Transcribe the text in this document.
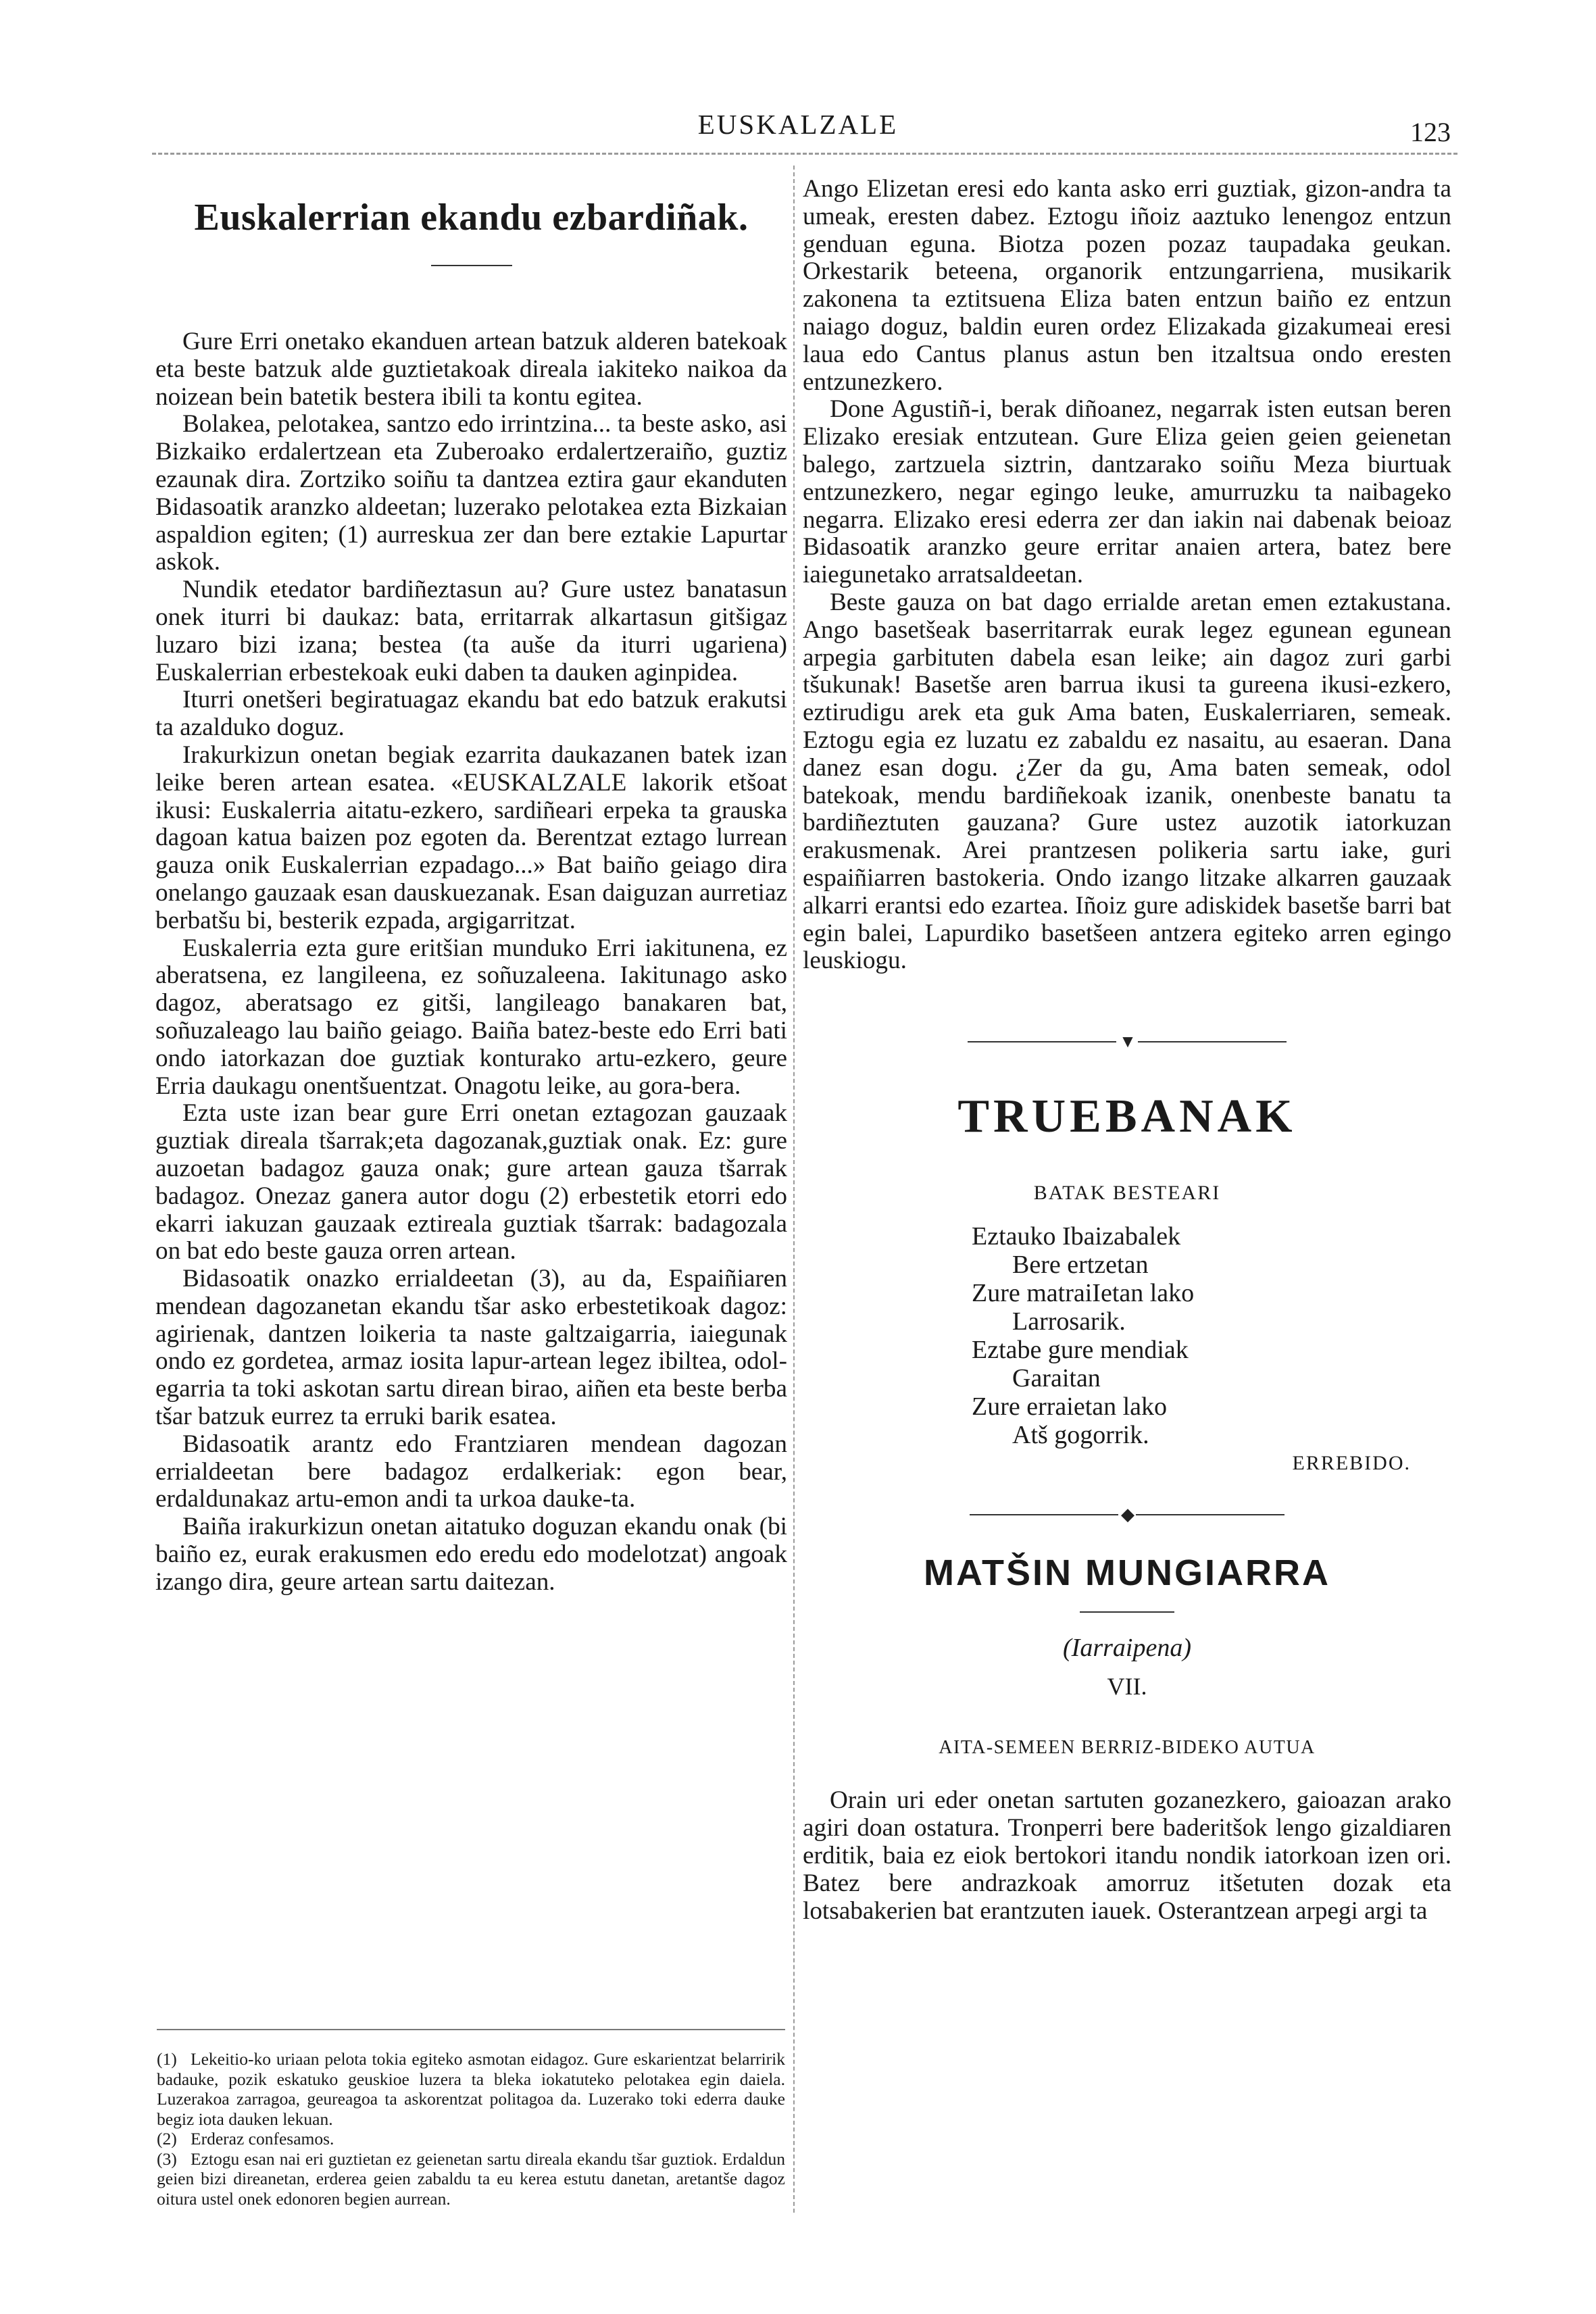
EUSKALZALE	123
Euskalerrian ekandu ezbardiñak.

Gure Erri onetako ekanduen artean batzuk alderen batekoak eta beste batzuk alde guztietakoak direala iakiteko naikoa da noizean bein batetik bestera ibili ta kontu egitea.

Bolakea, pelotakea, santzo edo irrintzina... ta beste asko, asi Bizkaiko erdalertzean eta Zuberoako erdalertzeraiño, guztiz ezaunak dira. Zortziko soiñu ta dantzea eztira gaur ekanduten Bidasoatik aranzko aldeetan; luzerako pelotakea ezta Bizkaian aspaldion egiten; (1) aurreskua zer dan bere eztakie Lapurtar askok.

Nundik etedator bardiñeztasun au? Gure ustez banatasun onek iturri bi daukaz: bata, erritarrak alkartasun gitšigaz luzaro bizi izana; bestea (ta auše da iturri ugariena) Euskalerrian erbestekoak euki daben ta dauken aginpidea.

Iturri onetšeri begiratuagaz ekandu bat edo batzuk erakutsi ta azalduko doguz.

Irakurkizun onetan begiak ezarrita daukazanen batek izan leike beren artean esatea. «EUSKALZALE lakorik etšoat ikusi: Euskalerria aitatu-ezkero, sardiñeari erpeka ta grauska dagoan katua baizen poz egoten da. Berentzat eztago lurrean gauza onik Euskalerrian ezpadago...» Bat baiño geiago dira onelango gauzaak esan dauskuezanak. Esan daiguzan aurretiaz berbatšu bi, besterik ezpada, argigarritzat.

Euskalerria ezta gure eritšian munduko Erri iakitunena, ez aberatsena, ez langileena, ez soñuzaleena. Iakitunago asko dagoz, aberatsago ez gitši, langileago banakaren bat, soñuzaleago lau baiño geiago. Baiña batez-beste edo Erri bati ondo iatorkazan doe guztiak konturako artu-ezkero, geure Erria daukagu onentšuentzat. Onagotu leike, au gora-bera.

Ezta uste izan bear gure Erri onetan eztagozan gauzaak guztiak direala tšarrak;eta dagozanak,guztiak onak. Ez: gure auzoetan badagoz gauza onak; gure artean gauza tšarrak badagoz. Onezaz ganera autor dogu (2) erbestetik etorri edo ekarri iakuzan gauzaak eztireala guztiak tšarrak: badagozala on bat edo beste gauza orren artean.

Bidasoatik onazko errialdeetan (3), au da, Espaiñiaren mendean dagozanetan ekandu tšar asko erbestetikoak dagoz: agirienak, dantzen loikeria ta naste galtzaigarria, iaiegunak ondo ez gordetea, armaz iosita lapur-artean legez ibiltea, odol-egarria ta toki askotan sartu direan birao, aiñen eta beste berba tšar batzuk eurrez ta erruki barik esatea.

Bidasoatik arantz edo Frantziaren mendean dagozan errialdeetan bere badagoz erdalkeriak: egon bear, erdaldunakaz artu-emon andi ta urkoa dauke-ta.

Baiña irakurkizun onetan aitatuko doguzan ekandu onak (bi baiño ez, eurak erakusmen edo eredu edo modelotzat) angoak izango dira, geure artean sartu daitezan.

(1) Lekeitio-ko uriaan pelota tokia egiteko asmotan eidagoz. Gure eskarientzat belarririk badauke, pozik eskatuko geuskioe luzera ta bleka iokatuteko pelotakea egin daiela. Luzerakoa zarragoa, geureagoa ta askorentzat politagoa da. Luzerako toki ederra dauke begiz iota dauken lekuan.

(2) Erderaz confesamos.

(3) Eztogu esan nai eri guztietan ez geienetan sartu direala ekandu tšar guztiok. Erdaldun geien bizi direanetan, erderea geien zabaldu ta eu kerea estutu danetan, aretantše dagoz oitura ustel onek edonoren begien aurrean.

Ango Elizetan eresi edo kanta asko erri guztiak, gizon-andra ta umeak, eresten dabez. Eztogu iñoiz aaztuko lenengoz entzun genduan eguna. Biotza pozen pozaz taupadaka geukan. Orkestarik beteena, organorik entzungarriena, musikarik zakonena ta eztitsuena Eliza baten entzun baiño ez entzun naiago doguz, baldin euren ordez Elizakada gizakumeai eresi laua edo Cantus planus astun ben itzaltsua ondo eresten entzunezkero.

Done Agustiñ-i, berak diñoanez, negarrak isten eutsan beren Elizako eresiak entzutean. Gure Eliza geien geien geienetan balego, zartzuela siztrin, dantzarako soiñu Meza biurtuak entzunezkero, negar egingo leuke, amurruzku ta naibageko negarra. Elizako eresi ederra zer dan iakin nai dabenak beioaz Bidasoatik aranzko geure erritar anaien artera, batez bere iaiegunetako arratsaldeetan.

Beste gauza on bat dago errialde aretan emen eztakustana. Ango basetšeak baserritarrak eurak legez egunean egunean arpegia garbituten dabela esan leike; ain dagoz zuri garbi tšukunak! Basetše aren barrua ikusi ta gureena ikusi-ezkero, eztirudigu arek eta guk Ama baten, Euskalerriaren, semeak. Eztogu egia ez luzatu ez zabaldu ez nasaitu, au esaeran. Dana danez esan dogu. ¿Zer da gu, Ama baten semeak, odol batekoak, mendu bardiñekoak izanik, onenbeste banatu ta bardiñeztuten gauzana? Gure ustez auzotik iatorkuzan erakusmenak. Arei prantzesen polikeria sartu iake, guri espaiñiarren bastokeria. Ondo izango litzake alkarren gauzaak alkarri erantsi edo ezartea. Iñoiz gure adiskidek basetše barri bat egin balei, Lapurdiko basetšeen antzera egiteko arren egingo leuskiogu.

▼
TRUEBANAK

BATAK BESTEARI

Eztauko Ibaizabalek
Bere ertzetan
Zure matraiIetan lako
Larrosarik.
Eztabe gure mendiak
Garaitan
Zure erraietan lako
Atš gogorrik.

ERREBIDO.

◆
MATŠIN MUNGIARRA

(Iarraipena)

VII.

AITA-SEMEEN BERRIZ-BIDEKO AUTUA

Orain uri eder onetan sartuten gozanezkero, gaioazan arako agiri doan ostatura. Tronperri bere baderitšok lengo gizaldiaren erditik, baia ez eiok bertokori itandu nondik iatorkoan izen ori. Batez bere andrazkoak amorruz itšetuten dozak eta lotsabakerien bat erantzuten iauek. Osterantzean arpegi argi ta
